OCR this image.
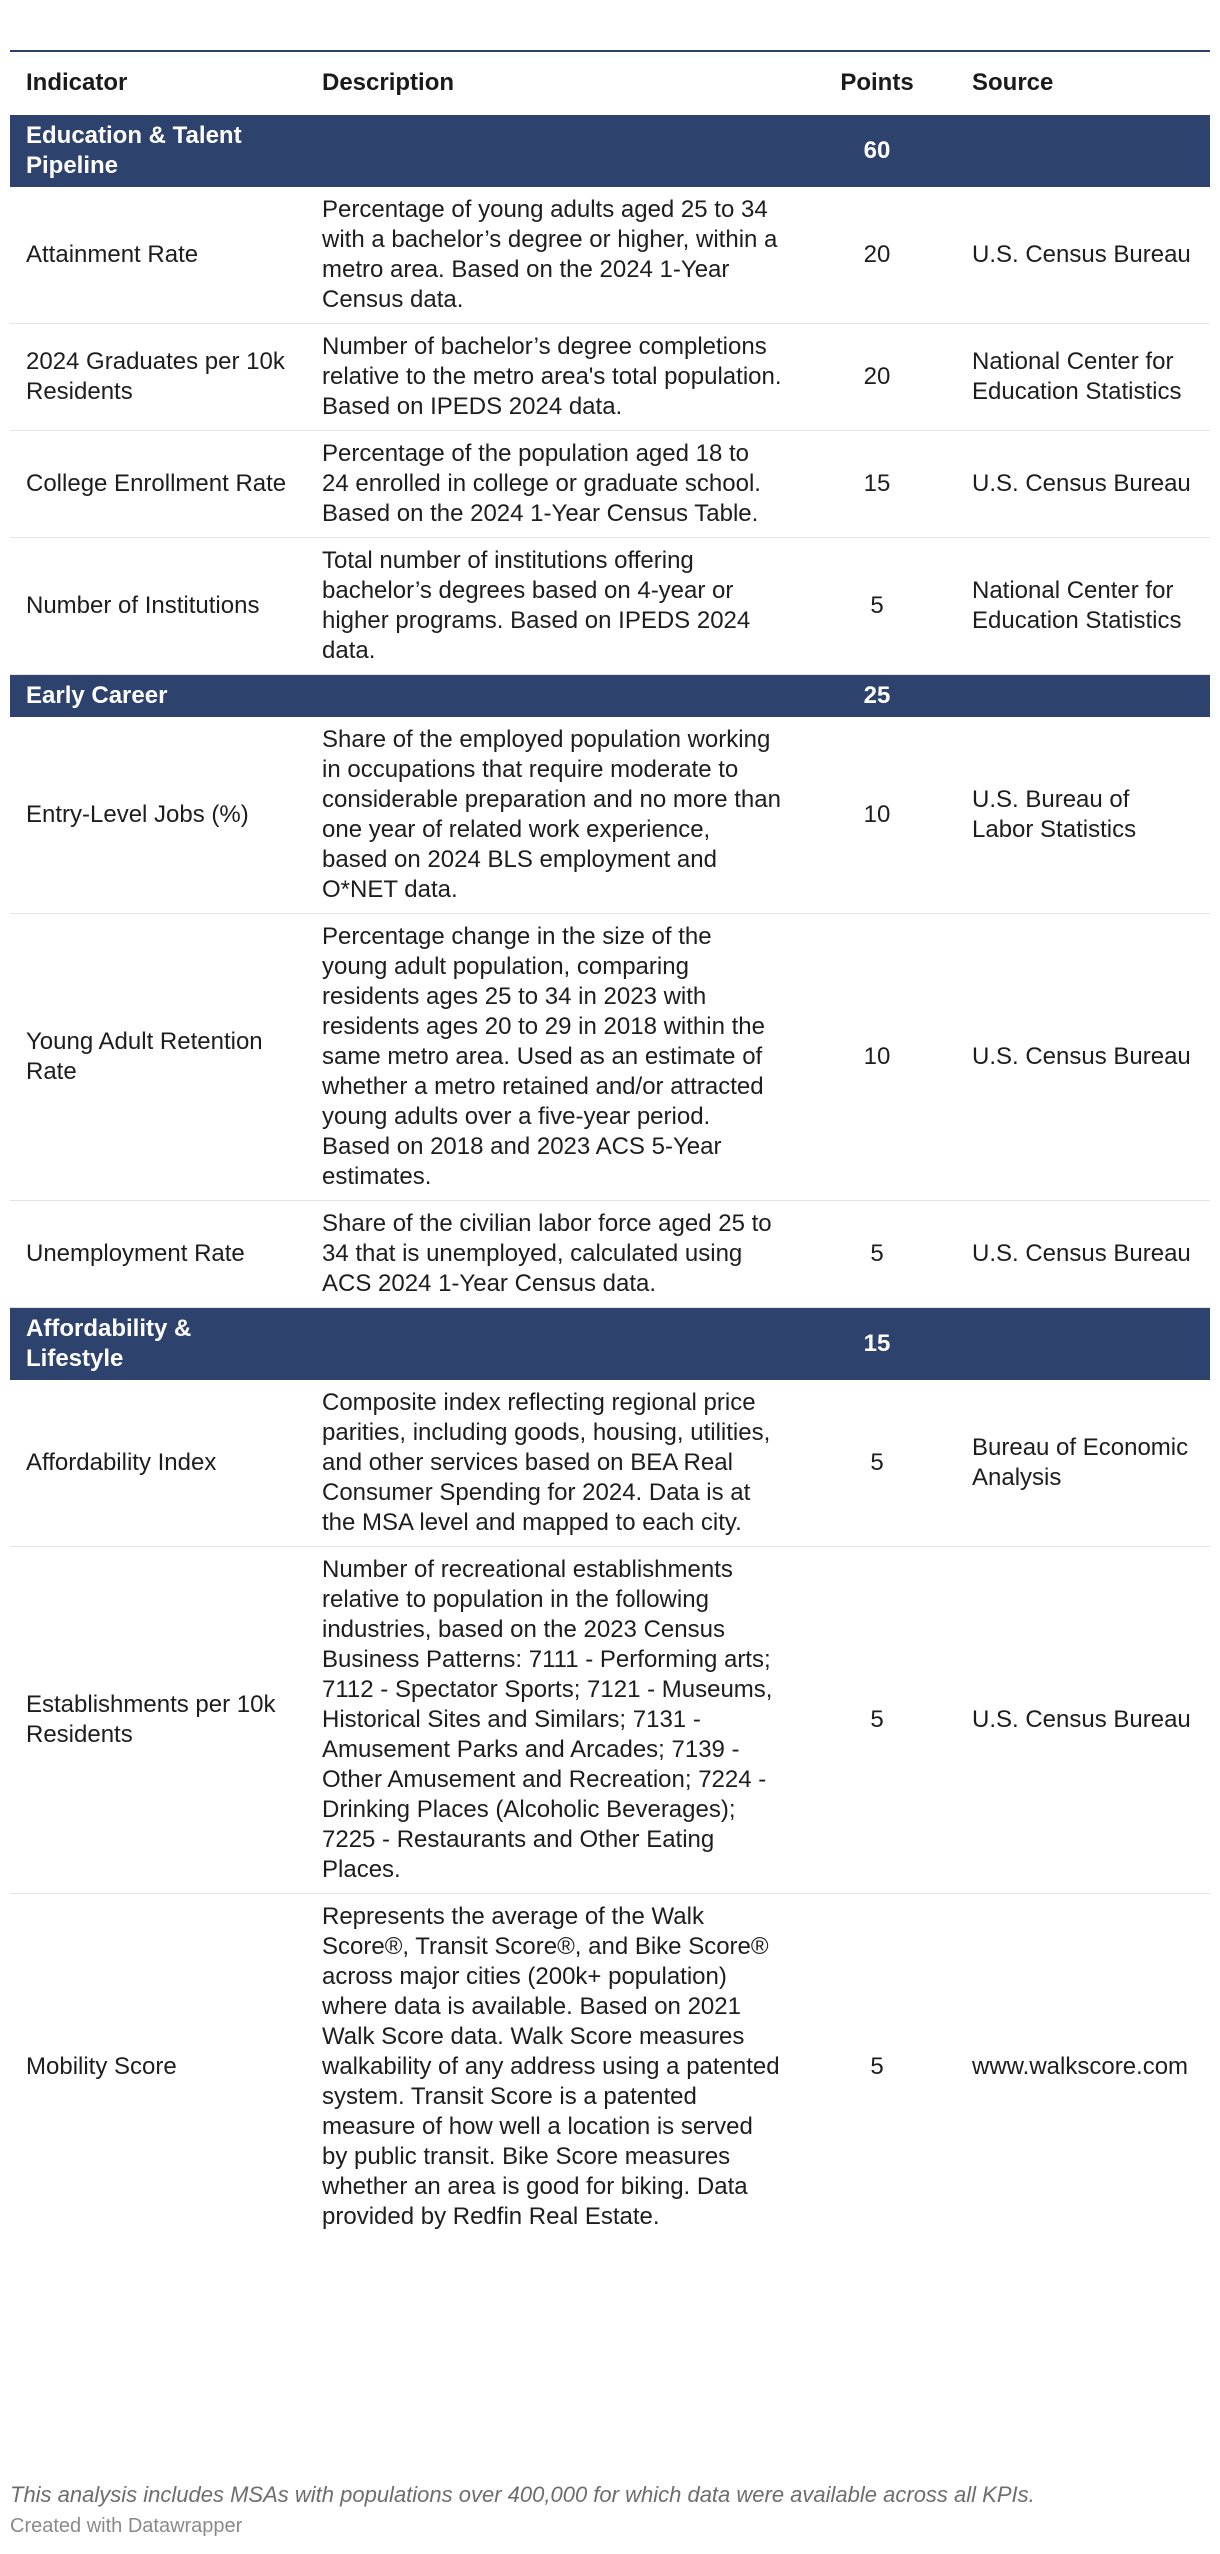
Indicator	Description	Points	Source
Education & Talent Pipeline		60	
Attainment Rate	Percentage of young adults aged 25 to 34 with a bachelor’s degree or higher, within a metro area. Based on the 2024 1-Year Census data.	20	U.S. Census Bureau
2024 Graduates per 10k Residents	Number of bachelor’s degree completions relative to the metro area's total population. Based on IPEDS 2024 data.	20	National Center for Education Statistics
College Enrollment Rate	Percentage of the population aged 18 to 24 enrolled in college or graduate school. Based on the 2024 1-Year Census Table.	15	U.S. Census Bureau
Number of Institutions	Total number of institutions offering bachelor’s degrees based on 4-year or higher programs. Based on IPEDS 2024 data.	5	National Center for Education Statistics
Early Career		25	
Entry-Level Jobs (%)	Share of the employed population working in occupations that require moderate to considerable preparation and no more than one year of related work experience, based on 2024 BLS employment and O*NET data.	10	U.S. Bureau of Labor Statistics
Young Adult Retention Rate	Percentage change in the size of the young adult population, comparing residents ages 25 to 34 in 2023 with residents ages 20 to 29 in 2018 within the same metro area. Used as an estimate of whether a metro retained and/or attracted young adults over a five-year period. Based on 2018 and 2023 ACS 5-Year estimates.	10	U.S. Census Bureau
Unemployment Rate	Share of the civilian labor force aged 25 to 34 that is unemployed, calculated using ACS 2024 1-Year Census data.	5	U.S. Census Bureau
Affordability & Lifestyle		15	
Affordability Index	Composite index reflecting regional price parities, including goods, housing, utilities, and other services based on BEA Real Consumer Spending for 2024. Data is at the MSA level and mapped to each city.	5	Bureau of Economic Analysis
Establishments per 10k Residents	Number of recreational establishments relative to population in the following industries, based on the 2023 Census Business Patterns: 7111 - Performing arts; 7112 - Spectator Sports; 7121 - Museums, Historical Sites and Similars; 7131 - Amusement Parks and Arcades; 7139 - Other Amusement and Recreation; 7224 - Drinking Places (Alcoholic Beverages); 7225 - Restaurants and Other Eating Places.	5	U.S. Census Bureau
Mobility Score	Represents the average of the Walk Score®, Transit Score®, and Bike Score® across major cities (200k+ population) where data is available. Based on 2021 Walk Score data. Walk Score measures walkability of any address using a patented system. Transit Score is a patented measure of how well a location is served by public transit. Bike Score measures whether an area is good for biking. Data provided by Redfin Real Estate.	5	www.walkscore.com
This analysis includes MSAs with populations over 400,000 for which data were available across all KPIs.
Created with Datawrapper
